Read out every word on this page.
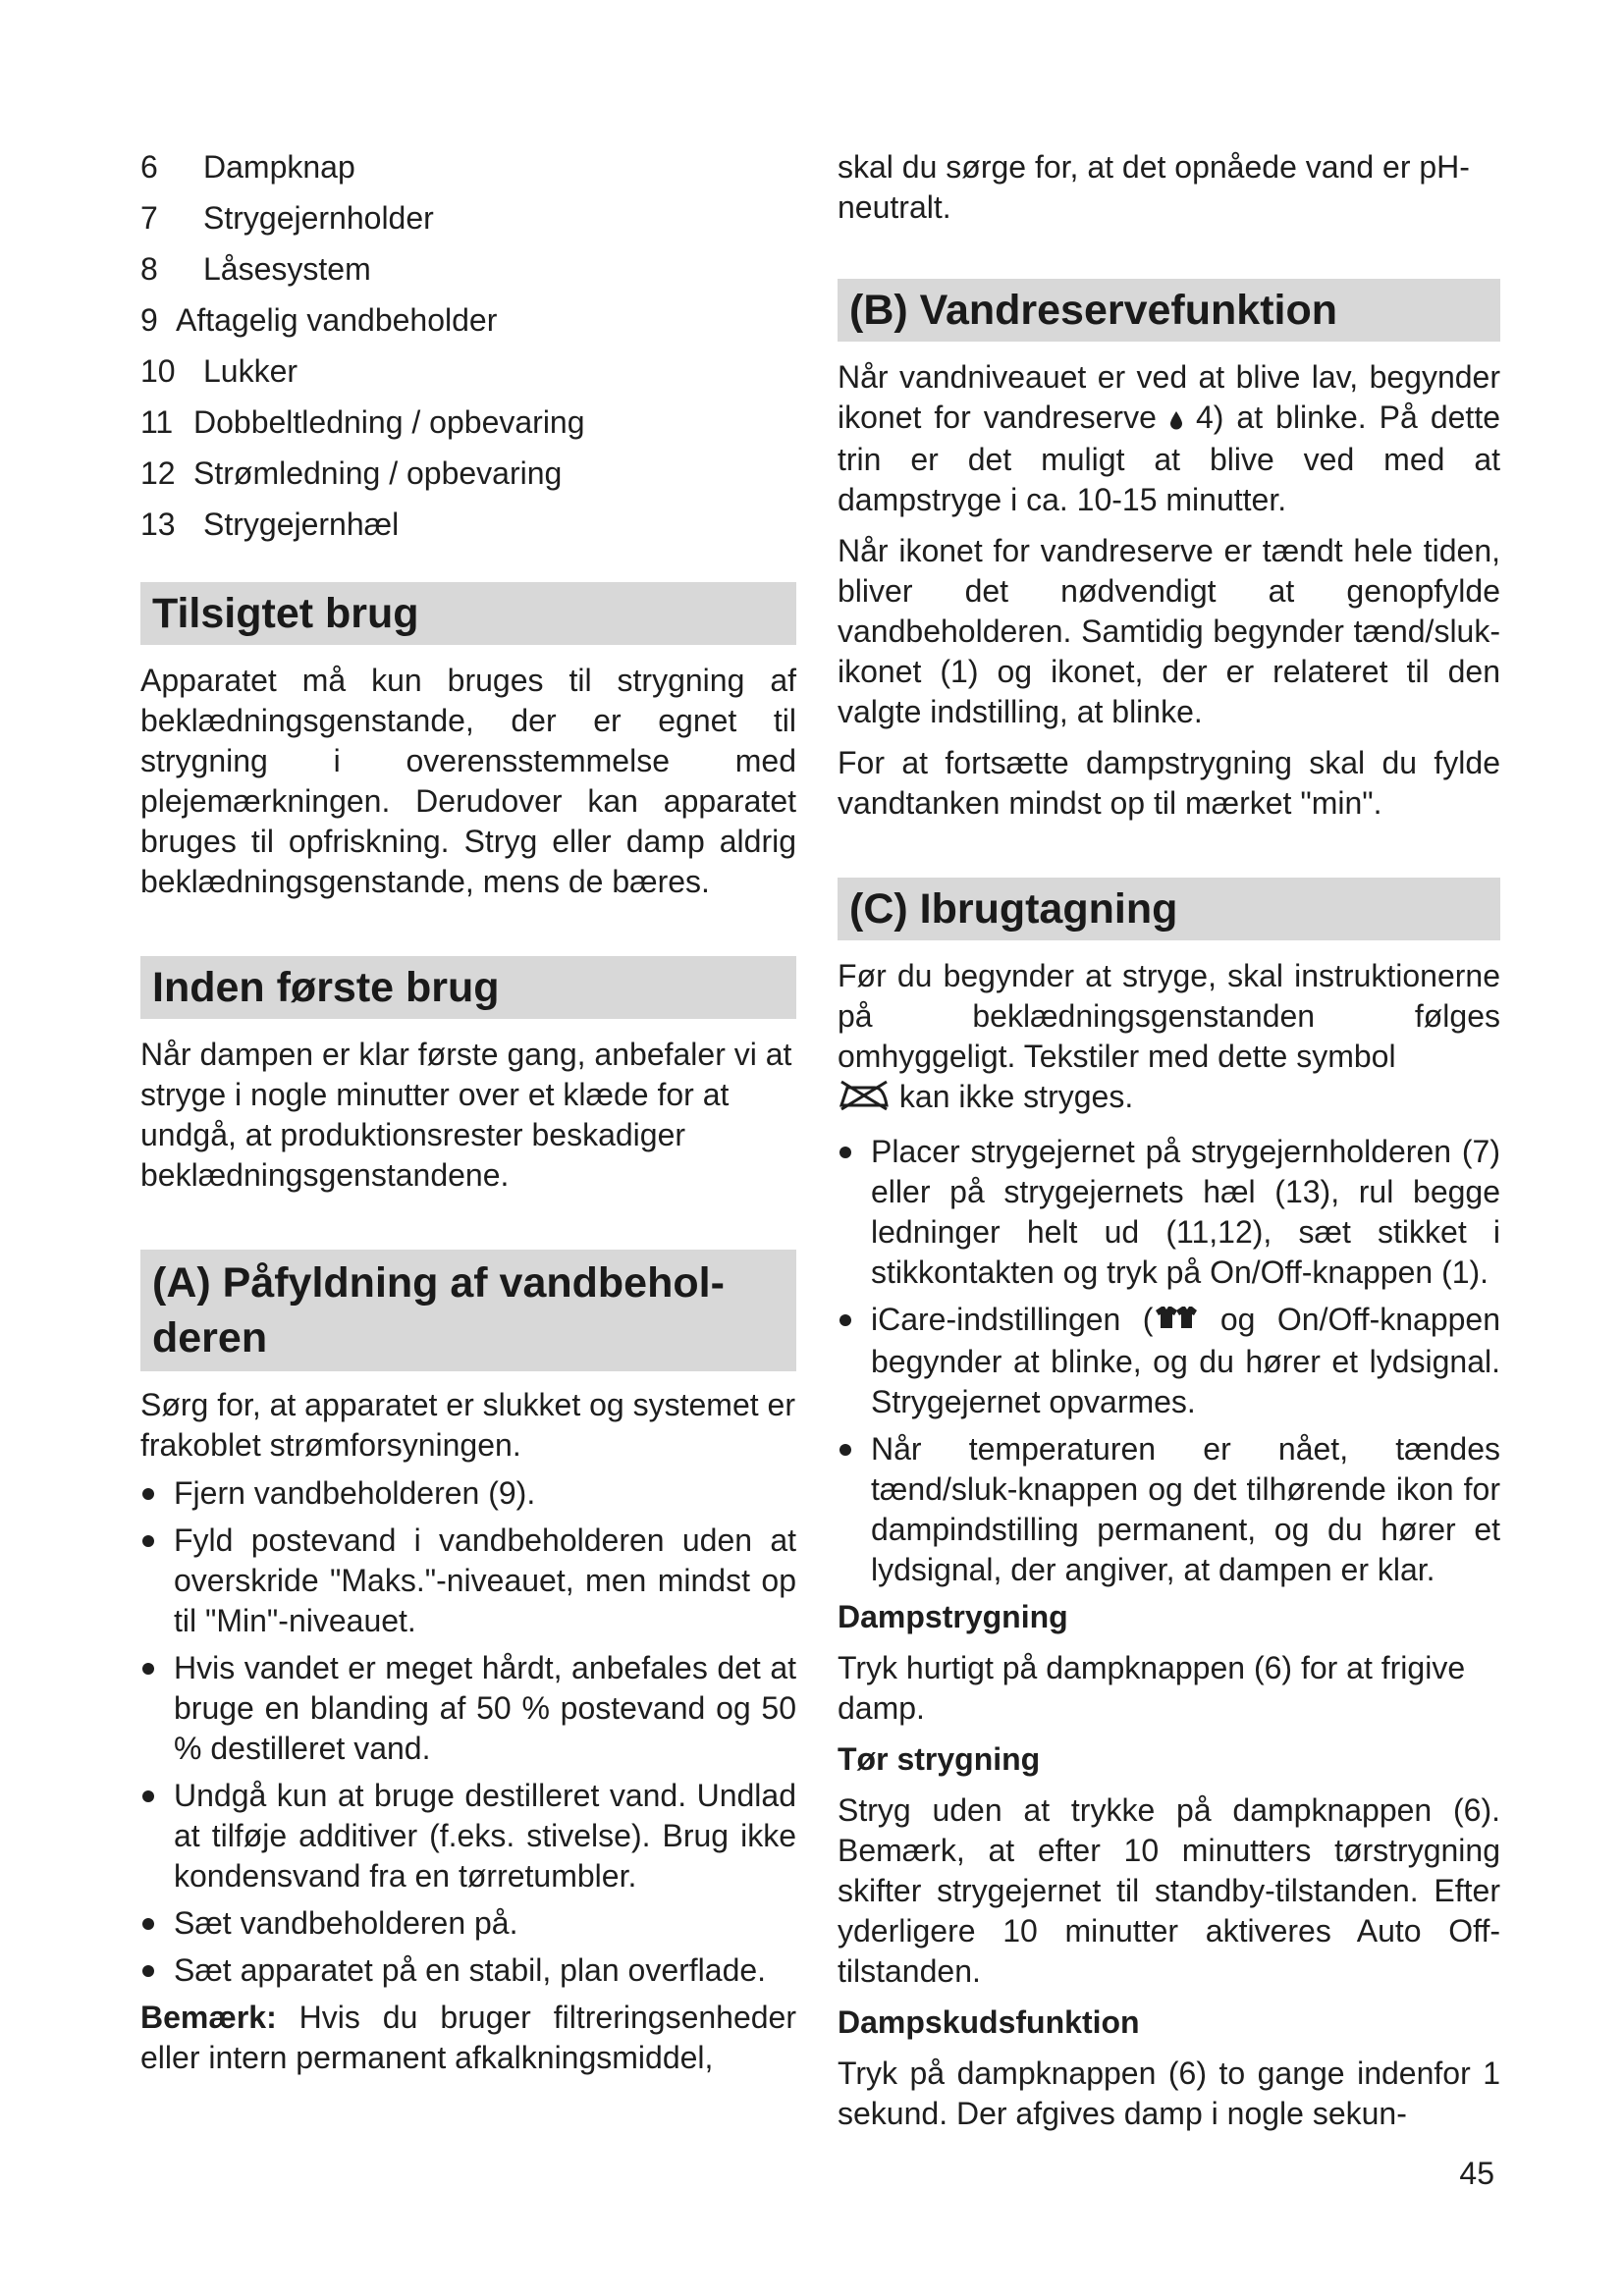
6 Dampknap
7 Strygejernholder
8 Låsesystem
9 Aftagelig vandbeholder
10 Lukker
11 Dobbeltledning / opbevaring
12 Strømledning / opbevaring
13 Strygejernhæl
Tilsigtet brug

Apparatet må kun bruges til strygning af beklædningsgenstande, der er egnet til strygning i overensstemmelse med plejemærkningen. Derudover kan apparatet bruges til opfriskning. Stryg eller damp aldrig beklædningsgenstande, mens de bæres.

Inden første brug

Når dampen er klar første gang, anbefaler vi at stryge i nogle minutter over et klæde for at undgå, at produktionsrester beskadiger beklædningsgenstandene.

(A) Påfyldning af vandbehol-
deren

Sørg for, at apparatet er slukket og systemet er frakoblet strømforsyningen.

Fjern vandbeholderen (9).
Fyld postevand i vandbeholderen uden at overskride "Maks."-niveauet, men mindst op til "Min"-niveauet.
Hvis vandet er meget hårdt, anbefales det at bruge en blanding af 50 % postevand og 50 % destilleret vand.
Undgå kun at bruge destilleret vand. Undlad at tilføje additiver (f.eks. stivelse). Brug ikke kondensvand fra en tørretumbler.
Sæt vandbeholderen på.
Sæt apparatet på en stabil, plan overflade.

Bemærk: Hvis du bruger filtreringsenheder eller intern permanent afkalkningsmiddel,

skal du sørge for, at det opnåede vand er pH-neutralt.

(B) Vandreservefunktion

Når vandniveauet er ved at blive lav, begynder ikonet for vandreserve  4) at blinke. På dette trin er det muligt at blive ved med at dampstryge i ca. 10-15 minutter.

Når ikonet for vandreserve er tændt hele tiden, bliver det nødvendigt at genopfylde vandbeholderen. Samtidig begynder tænd/sluk-ikonet (1) og ikonet, der er relateret til den valgte indstilling, at blinke.

For at fortsætte dampstrygning skal du fylde vandtanken mindst op til mærket "min".

(C) Ibrugtagning

Før du begynder at stryge, skal instruktionerne på beklædningsgenstanden følges omhyggeligt. Tekstiler med dette symbol
kan ikke stryges.

Placer strygejernet på strygejernholderen (7) eller på strygejernets hæl (13), rul begge ledninger helt ud (11,12), sæt stikket i stikkontakten og tryk på On/Off-knappen (1).
iCare-indstillingen ( og On/Off-knappen begynder at blinke, og du hører et lydsignal. Strygejernet opvarmes.
Når temperaturen er nået, tændes tænd/sluk-knappen og det tilhørende ikon for dampindstilling permanent, og du hører et lydsignal, der angiver, at dampen er klar.
Dampstrygning

Tryk hurtigt på dampknappen (6) for at frigive damp.

Tør strygning

Stryg uden at trykke på dampknappen (6). Bemærk, at efter 10 minutters tørstrygning skifter strygejernet til standby-tilstanden. Efter yderligere 10 minutter aktiveres Auto Off-tilstanden.

Dampskudsfunktion

Tryk på dampknappen (6) to gange indenfor 1 sekund. Der afgives damp i nogle sekun-

45
